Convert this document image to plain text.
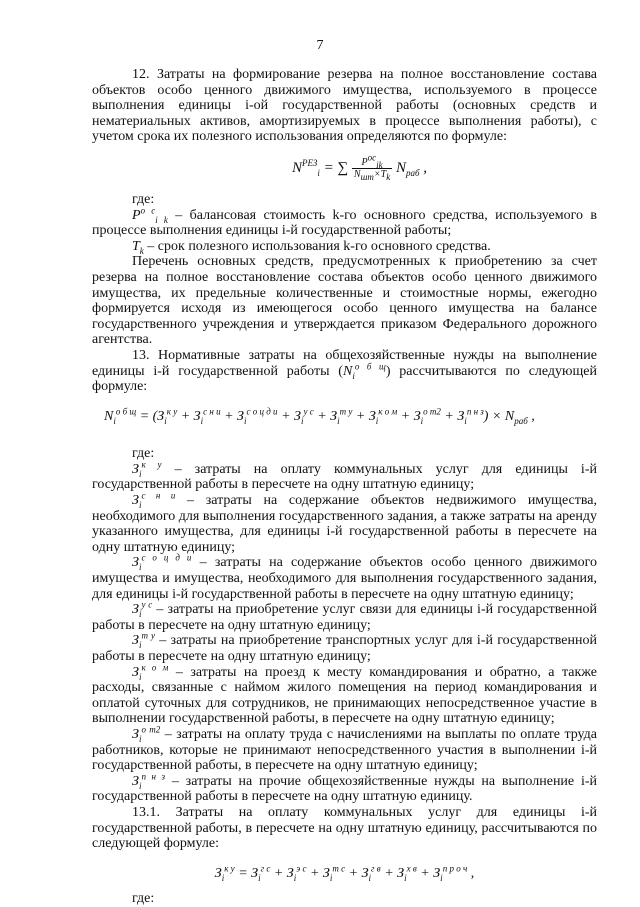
7

12. Затраты на формирование резерва на полное восстановление состава объектов особо ценного движимого имущества, используемого в процессе выполнения единицы i-ой государственной работы (основных средств и нематериальных активов, амортизируемых в процессе выполнения работы), с учетом срока их полезного использования определяются по формуле:

$N^{РЕЗ}_i$ = ∑ $\frac{P^{ос}_{ik}}{N_{шт}\times T_k} N_{раб}$ ,

где:

$P^{о с}_{i k}$ – балансовая стоимость k-го основного средства, используемого в процессе выполнения единицы i-й государственной работы;

$T_k$ – срок полезного использования k-го основного средства.

Перечень основных средств, предусмотренных к приобретению за счет резерва на полное восстановление состава объектов особо ценного движимого имущества, их предельные количественные и стоимостные нормы, ежегодно формируется исходя из имеющегося особо ценного имущества на балансе государственного учреждения и утверждается приказом Федерального дорожного агентства.

13. Нормативные затраты на общехозяйственные нужды на выполнение единицы i-й государственной работы $(N_i^{о б щ})$ рассчитываются по следующей формуле:

$N_i^{о б щ} = (З_i^{к у} + З_i^{с н и} + З_i^{с о ц д и} + З_i^{у с} + З_i^{т у} + З_i^{к о м} + З_i^{о т2} + З_i^{п н з}) \times N_{раб}$ ,

где:

$З_i^{к у}$ – затраты на оплату коммунальных услуг для единицы i-й государственной работы в пересчете на одну штатную единицу;

$З_i^{с н и}$ – затраты на содержание объектов недвижимого имущества, необходимого для выполнения государственного задания, а также затраты на аренду указанного имущества, для единицы i-й государственной работы в пересчете на одну штатную единицу;

$З_i^{с о ц д и}$ – затраты на содержание объектов особо ценного движимого имущества и имущества, необходимого для выполнения государственного задания, для единицы i-й государственной работы в пересчете на одну штатную единицу;

$З_i^{у с}$ – затраты на приобретение услуг связи для единицы i-й государственной работы в пересчете на одну штатную единицу;

$З_i^{т у}$ – затраты на приобретение транспортных услуг для i-й государственной работы в пересчете на одну штатную единицу;

$З_i^{к о м}$ – затраты на проезд к месту командирования и обратно, а также расходы, связанные с наймом жилого помещения на период командирования и оплатой суточных для сотрудников, не принимающих непосредственное участие в выполнении государственной работы, в пересчете на одну штатную единицу;

$З_i^{о т2}$ – затраты на оплату труда с начислениями на выплаты по оплате труда работников, которые не принимают непосредственного участия в выполнении i-й государственной работы, в пересчете на одну штатную единицу;

$З_i^{п н з}$ – затраты на прочие общехозяйственные нужды на выполнение i-й государственной работы в пересчете на одну штатную единицу.

13.1. Затраты на оплату коммунальных услуг для единицы i-й государственной работы, в пересчете на одну штатную единицу, рассчитываются по следующей формуле:

$З_i^{к у} = З_i^{г с} + З_i^{э с} + З_i^{т с} + З_i^{г в} + З_i^{х в} + З_i^{п р о ч}$ ,

где:
